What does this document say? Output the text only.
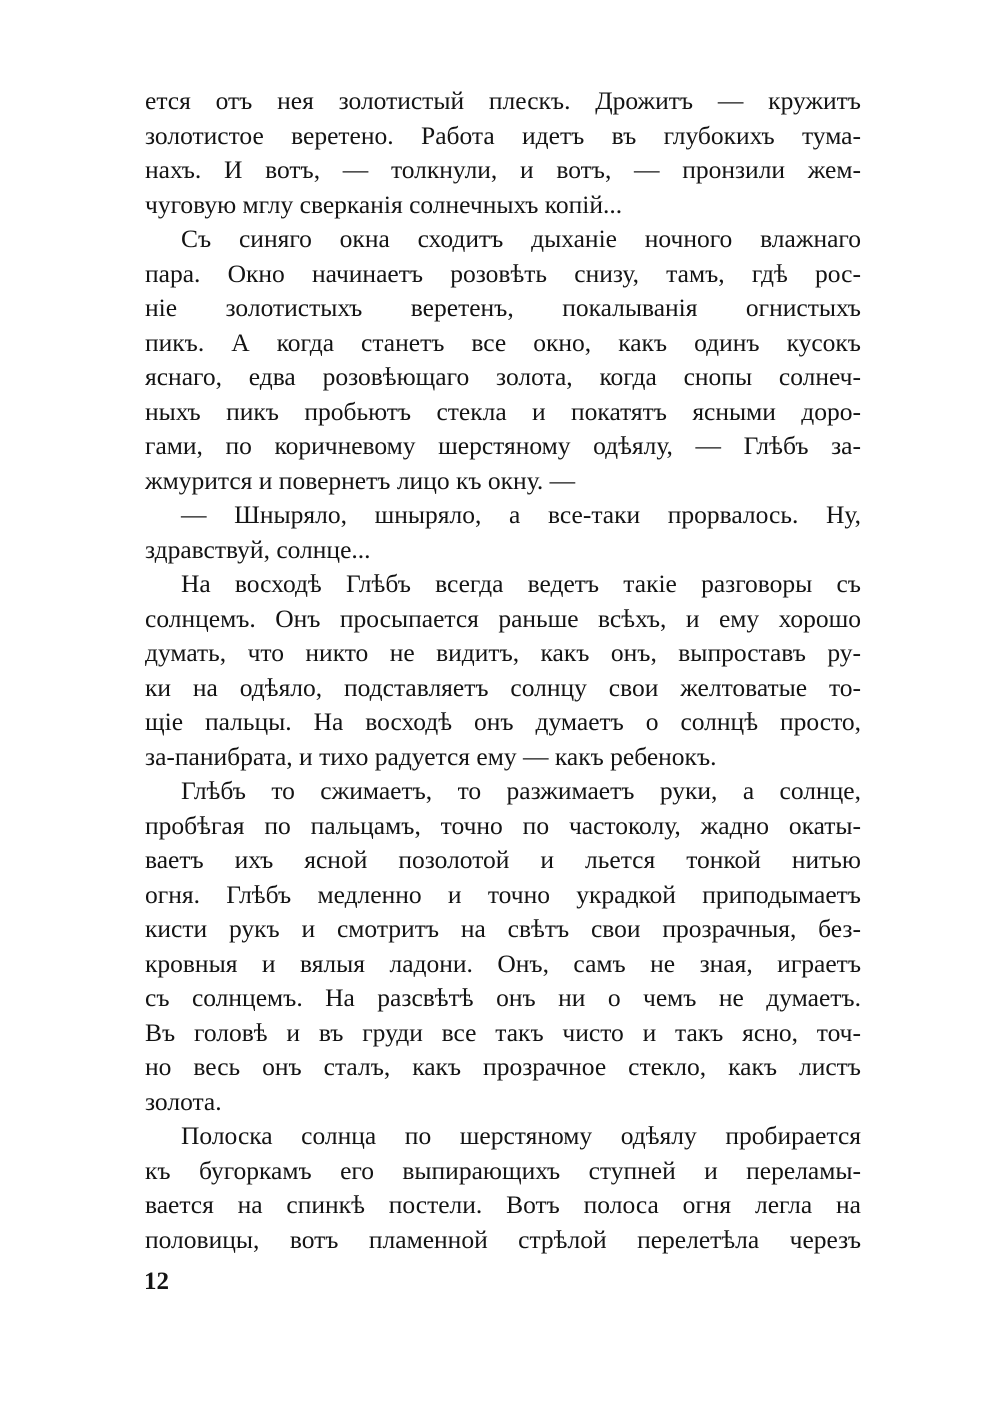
ется отъ нея золотистый плескъ. Дрожитъ — кружитъ
золотистое веретено. Работа идетъ въ глубокихъ тума-
нахъ. И вотъ, — толкнули, и вотъ, — пронзили жем-
чуговую мглу сверканія солнечныхъ копій...
Съ синяго окна сходитъ дыханіе ночного влажнаго
пара. Окно начинаетъ розовѣть снизу, тамъ, гдѣ рос-
ніе золотистыхъ веретенъ, покалыванія огнистыхъ
пикъ. А когда станетъ все окно, какъ одинъ кусокъ
яснаго, едва розовѣющаго золота, когда снопы солнеч-
ныхъ пикъ пробьютъ стекла и покатятъ ясными доро-
гами, по коричневому шерстяному одѣялу, — Глѣбъ за-
жмурится и повернетъ лицо къ окну. —
— Шныряло, шныряло, а все-таки прорвалось. Ну,
здравствуй, солнце...
На восходѣ Глѣбъ всегда ведетъ такіе разговоры съ
солнцемъ. Онъ просыпается раньше всѣхъ, и ему хорошо
думать, что никто не видитъ, какъ онъ, выпроставъ ру-
ки на одѣяло, подставляетъ солнцу свои желтоватые то-
щіе пальцы. На восходѣ онъ думаетъ о солнцѣ просто,
за-панибрата, и тихо радуется ему — какъ ребенокъ.
Глѣбъ то сжимаетъ, то разжимаетъ руки, а солнце,
пробѣгая по пальцамъ, точно по частоколу, жадно окаты-
ваетъ ихъ ясной позолотой и льется тонкой нитью
огня. Глѣбъ медленно и точно украдкой приподымаетъ
кисти рукъ и смотритъ на свѣтъ свои прозрачныя, без-
кровныя и вялыя ладони. Онъ, самъ не зная, играетъ
съ солнцемъ. На разсвѣтѣ онъ ни о чемъ не думаетъ.
Въ головѣ и въ груди все такъ чисто и такъ ясно, точ-
но весь онъ сталъ, какъ прозрачное стекло, какъ листъ
золота.
Полоска солнца по шерстяному одѣялу пробирается
къ бугоркамъ его выпирающихъ ступней и переламы-
вается на спинкѣ постели. Вотъ полоса огня легла на
половицы, вотъ пламенной стрѣлой перелетѣла черезъ
12
